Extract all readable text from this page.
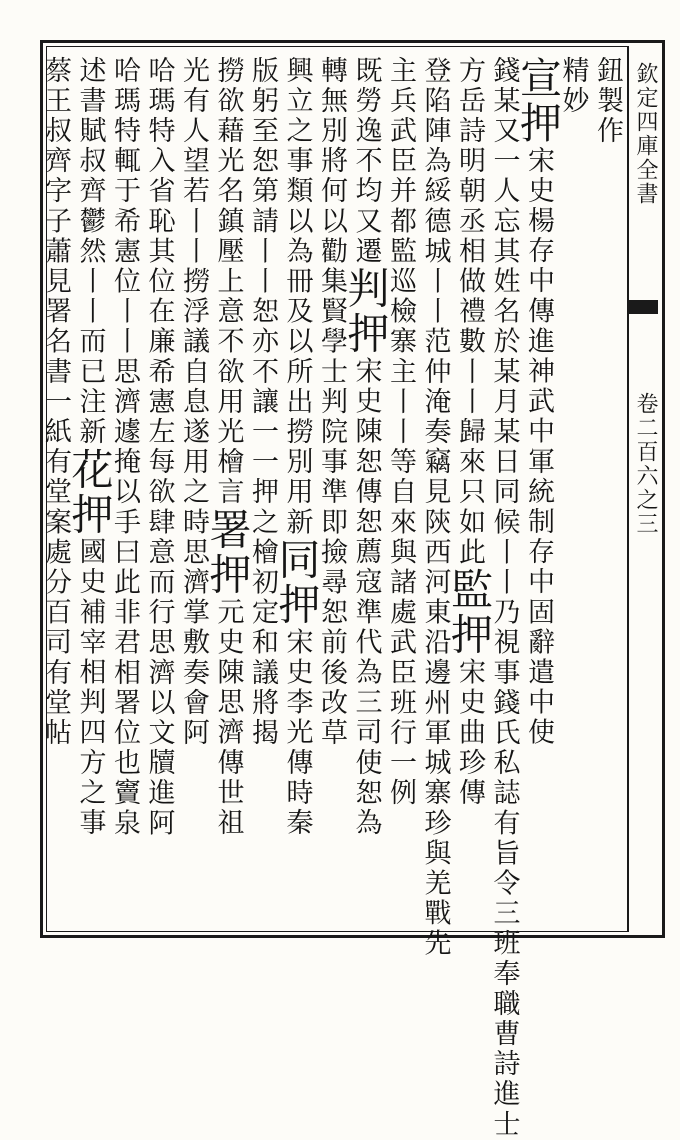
欽定四庫全書
卷二百六之三
鈕製作
精妙
宣押宋史楊存中傳進神武中軍統制存中固辭遣中使
錢某又一人忘其姓名於某月某日同候丨丨乃視事錢氏私誌有旨令三班奉職曹詩進士
方岳詩明朝丞相做禮數丨丨歸來只如此監押宋史曲珍傳
登陷陣為綏德城丨丨范仲淹奏竊見陝西河東沿邊州軍城寨珍與羌戰先
主兵武臣并都監巡檢寨主丨丨等自來與諸處武臣班行一例
既勞逸不均又遷判押宋史陳恕傳恕薦寇準代為三司使恕為
轉無別將何以勸集賢學士判院事準即撿尋恕前後改草
興立之事類以為冊及以所出撈別用新同押宋史李光傳時秦
版躬至恕第請丨丨恕亦不讓一一押之檜初定和議將揭
撈欲藉光名鎮壓上意不欲用光檜言署押元史陳思濟傳世祖
光有人望若丨丨撈浮議自息遂用之時思濟掌敷奏會阿
哈瑪特入省恥其位在廉希憲左每欲肆意而行思濟以文牘進阿
哈瑪特輒于希憲位丨丨思濟遽掩以手曰此非君相署位也竇泉
述書賦叔齊鬱然丨丨而已注新花押國史補宰相判四方之事
蔡王叔齊字子蕭見署名書一紙有堂案處分百司有堂帖
